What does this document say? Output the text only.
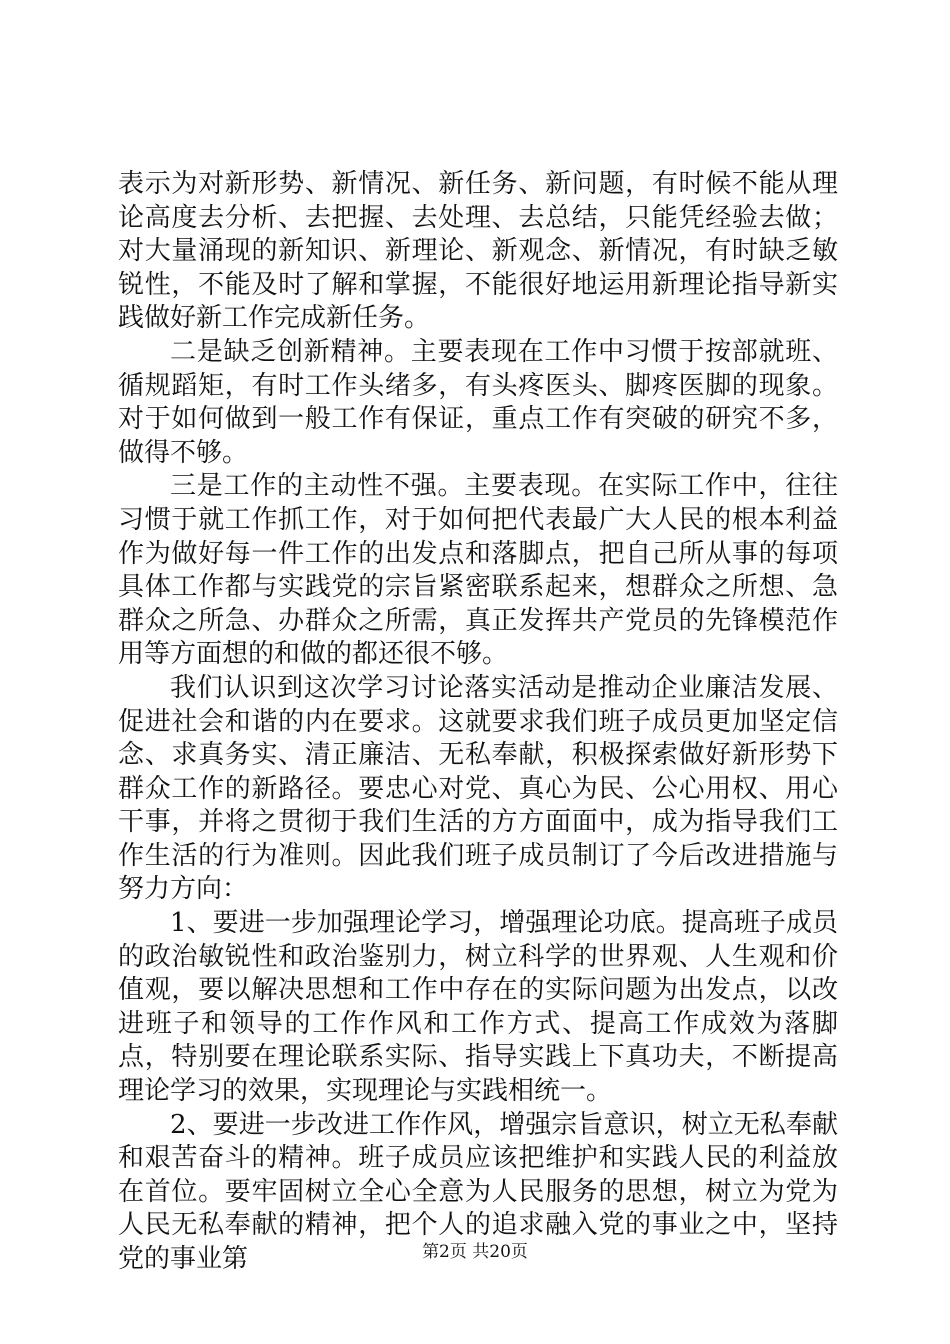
表示为对新形势、新情况、新任务、新问题，有时候不能从理论高度去分析、去把握、去处理、去总结，只能凭经验去做；对大量涌现的新知识、新理论、新观念、新情况，有时缺乏敏锐性，不能及时了解和掌握，不能很好地运用新理论指导新实践做好新工作完成新任务。

二是缺乏创新精神。主要表现在工作中习惯于按部就班、循规蹈矩，有时工作头绪多，有头疼医头、脚疼医脚的现象。对于如何做到一般工作有保证，重点工作有突破的研究不多，做得不够。

三是工作的主动性不强。主要表现。在实际工作中，往往习惯于就工作抓工作，对于如何把代表最广大人民的根本利益作为做好每一件工作的出发点和落脚点，把自己所从事的每项具体工作都与实践党的宗旨紧密联系起来，想群众之所想、急群众之所急、办群众之所需，真正发挥共产党员的先锋模范作用等方面想的和做的都还很不够。

我们认识到这次学习讨论落实活动是推动企业廉洁发展、促进社会和谐的内在要求。这就要求我们班子成员更加坚定信念、求真务实、清正廉洁、无私奉献，积极探索做好新形势下群众工作的新路径。要忠心对党、真心为民、公心用权、用心干事，并将之贯彻于我们生活的方方面面中，成为指导我们工作生活的行为准则。因此我们班子成员制订了今后改进措施与努力方向：

1、要进一步加强理论学习，增强理论功底。提高班子成员的政治敏锐性和政治鉴别力，树立科学的世界观、人生观和价值观，要以解决思想和工作中存在的实际问题为出发点，以改进班子和领导的工作作风和工作方式、提高工作成效为落脚点，特别要在理论联系实际、指导实践上下真功夫，不断提高理论学习的效果，实现理论与实践相统一。

2、要进一步改进工作作风，增强宗旨意识，树立无私奉献和艰苦奋斗的精神。班子成员应该把维护和实践人民的利益放在首位。要牢固树立全心全意为人民服务的思想，树立为党为人民无私奉献的精神，把个人的追求融入党的事业之中，坚持党的事业第	第2页 共20页
